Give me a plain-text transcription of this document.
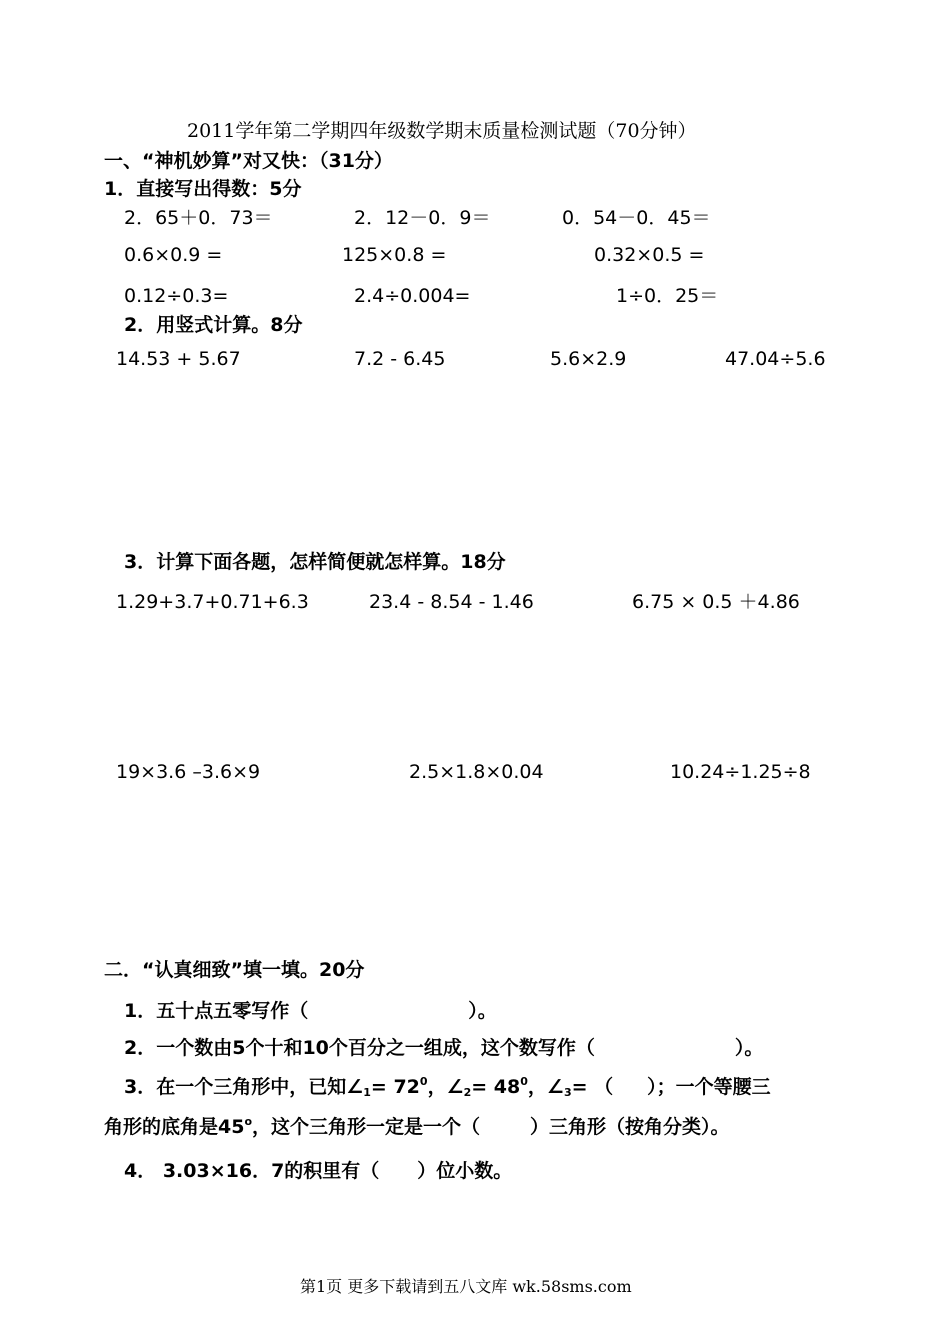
2011学年第二学期四年级数学期末质量检测试题（70分钟）
一、“神机妙算”对又快：（31分）
1．直接写出得数：5分
2．65＋0．73＝	2．12－0．9＝	0．54－0．45＝
0.6×0.9 =	125×0.8 =	0.32×0.5 =
0.12÷0.3=	2.4÷0.004=	1÷0．25＝
2．用竖式计算。8分
14.53 + 5.67	7.2 - 6.45	5.6×2.9	47.04÷5.6
3．计算下面各题，怎样简便就怎样算。18分
1.29+3.7+0.71+6.3	23.4 - 8.54 - 1.46	6.75 × 0.5 ＋4.86
19×3.6 –3.6×9	2.5×1.8×0.04	10.24÷1.25÷8
二．“认真细致”填一填。20分
1．五十点五零写作（	）。
2．一个数由5个十和10个百分之一组成，这个数写作（	）。
3．在一个三角形中，已知$\angle_1= 72^0$，$\angle_2= 48^0$，$\angle_3=$ （ ）；一个等腰三
角形的底角是45$^o$，这个三角形一定是一个（	）三角形（按角分类）。
4． 3.03×16．7的积里有（ ）位小数。
第1页 更多下载请到五八文库 wk.58sms.com
